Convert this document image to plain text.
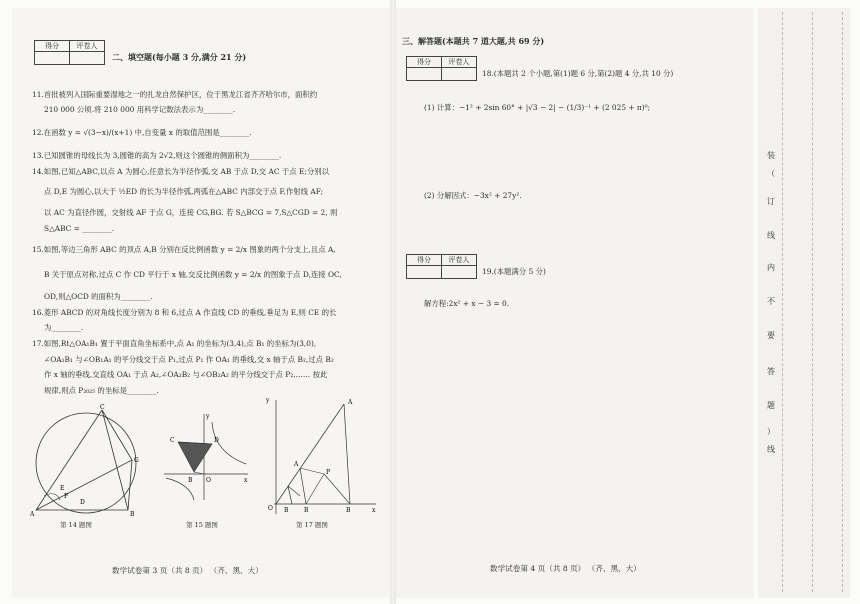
得分	评卷人

二、填空题(每小题 3 分,满分 21 分)
11.首批被列入国际重要湿地之一的扎龙自然保护区，位于黑龙江省齐齐哈尔市，面积约
210 000 公顷.将 210 000 用科学记数法表示为________.
12.在函数 y = √(3−x)/(x+1) 中,自变量 x 的取值范围是________.
13.已知圆锥的母线长为 3,圆锥的高为 2√2,则这个圆锥的侧面积为________.
14.如图,已知△ABC,以点 A 为圆心,任意长为半径作弧,交 AB 于点 D,交 AC 于点 E;分别以
点 D,E 为圆心,以大于 ½ED 的长为半径作弧,两弧在△ABC 内部交于点 F,作射线 AF;
以 AC 为直径作圆，交射线 AF 于点 G，连接 CG,BG. 若 S△BCG = 7,S△CGD = 2, 则
S△ABC = ________.
15.如图,等边三角形 ABC 的顶点 A,B 分别在反比例函数 y = 2/x 图象的两个分支上,且点 A,
B 关于原点对称,过点 C 作 CD 平行于 x 轴,交反比例函数 y = 2/x 的图象于点 D,连接 OC,
OD,则△OCD 的面积为________.
16.菱形 ABCD 的对角线长度分别为 8 和 6,过点 A 作直线 CD 的垂线,垂足为 E,则 CE 的长
为________.
17.如图,Rt△OA₁B₁ 置于平面直角坐标系中,点 A₁ 的坐标为(3,4),点 B₁ 的坐标为(3,0),
∠OA₁B₁ 与∠OB₁A₁ 的平分线交于点 P₁,过点 P₁ 作 OA₁ 的垂线,交 x 轴于点 B₂,过点 B₂
作 x 轴的垂线,交直线 OA₁ 于点 A₂,∠OA₂B₂ 与∠OB₂A₂ 的平分线交于点 P₂,…… 按此
规律,则点 P₂₀₂₅ 的坐标是________.
A	B
C
G
E
D
F
第 14 题图
C	D
y
x
O
B
第 15 题图
A
A
P
y
O B	B	B	x
第 17 题图
数学试卷第 3 页（共 8 页） （齐、黑、大）
三、解答题(本题共 7 道大题,共 69 分)
得分	评卷人

18.(本题共 2 个小题,第(1)题 6 分,第(2)题 4 分,共 10 分)
(1) 计算：−1² + 2sin 60° + |√3 − 2| − (1/3)⁻¹ + (2 025 + π)⁰;
(2) 分解因式：−3x² + 27y².
得分	评卷人

19.(本题满分 5 分)
解方程:2x² + x − 3 = 0.
数学试卷第 4 页（共 8 页） （齐、黑、大）
装
（
订
线
内
不
要
答
题
）
线
